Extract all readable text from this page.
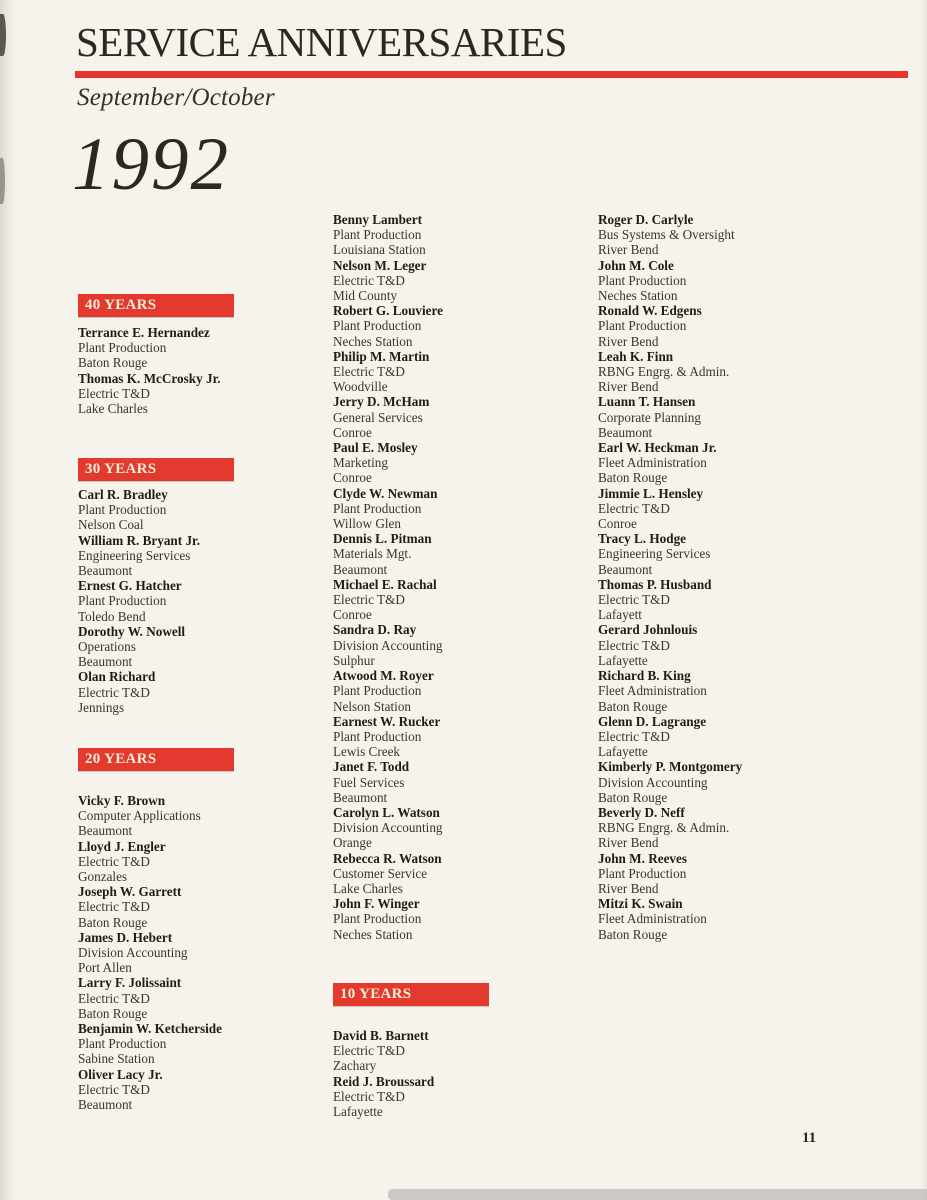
SERVICE ANNIVERSARIES
September/October
1992
40 YEARS
Terrance E. Hernandez
Plant Production
Baton Rouge
Thomas K. McCrosky Jr.
Electric T&D
Lake Charles
30 YEARS
Carl R. Bradley
Plant Production
Nelson Coal
William R. Bryant Jr.
Engineering Services
Beaumont
Ernest G. Hatcher
Plant Production
Toledo Bend
Dorothy W. Nowell
Operations
Beaumont
Olan Richard
Electric T&D
Jennings
20 YEARS
Vicky F. Brown
Computer Applications
Beaumont
Lloyd J. Engler
Electric T&D
Gonzales
Joseph W. Garrett
Electric T&D
Baton Rouge
James D. Hebert
Division Accounting
Port Allen
Larry F. Jolissaint
Electric T&D
Baton Rouge
Benjamin W. Ketcherside
Plant Production
Sabine Station
Oliver Lacy Jr.
Electric T&D
Beaumont
Benny Lambert
Plant Production
Louisiana Station
Nelson M. Leger
Electric T&D
Mid County
Robert G. Louviere
Plant Production
Neches Station
Philip M. Martin
Electric T&D
Woodville
Jerry D. McHam
General Services
Conroe
Paul E. Mosley
Marketing
Conroe
Clyde W. Newman
Plant Production
Willow Glen
Dennis L. Pitman
Materials Mgt.
Beaumont
Michael E. Rachal
Electric T&D
Conroe
Sandra D. Ray
Division Accounting
Sulphur
Atwood M. Royer
Plant Production
Nelson Station
Earnest W. Rucker
Plant Production
Lewis Creek
Janet F. Todd
Fuel Services
Beaumont
Carolyn L. Watson
Division Accounting
Orange
Rebecca R. Watson
Customer Service
Lake Charles
John F. Winger
Plant Production
Neches Station
Roger D. Carlyle
Bus Systems & Oversight
River Bend
John M. Cole
Plant Production
Neches Station
Ronald W. Edgens
Plant Production
River Bend
Leah K. Finn
RBNG Engrg. & Admin.
River Bend
Luann T. Hansen
Corporate Planning
Beaumont
Earl W. Heckman Jr.
Fleet Administration
Baton Rouge
Jimmie L. Hensley
Electric T&D
Conroe
Tracy L. Hodge
Engineering Services
Beaumont
Thomas P. Husband
Electric T&D
Lafayett
Gerard Johnlouis
Electric T&D
Lafayette
Richard B. King
Fleet Administration
Baton Rouge
Glenn D. Lagrange
Electric T&D
Lafayette
Kimberly P. Montgomery
Division Accounting
Baton Rouge
Beverly D. Neff
RBNG Engrg. & Admin.
River Bend
John M. Reeves
Plant Production
River Bend
Mitzi K. Swain
Fleet Administration
Baton Rouge
10 YEARS
David B. Barnett
Electric T&D
Zachary
Reid J. Broussard
Electric T&D
Lafayette
11
